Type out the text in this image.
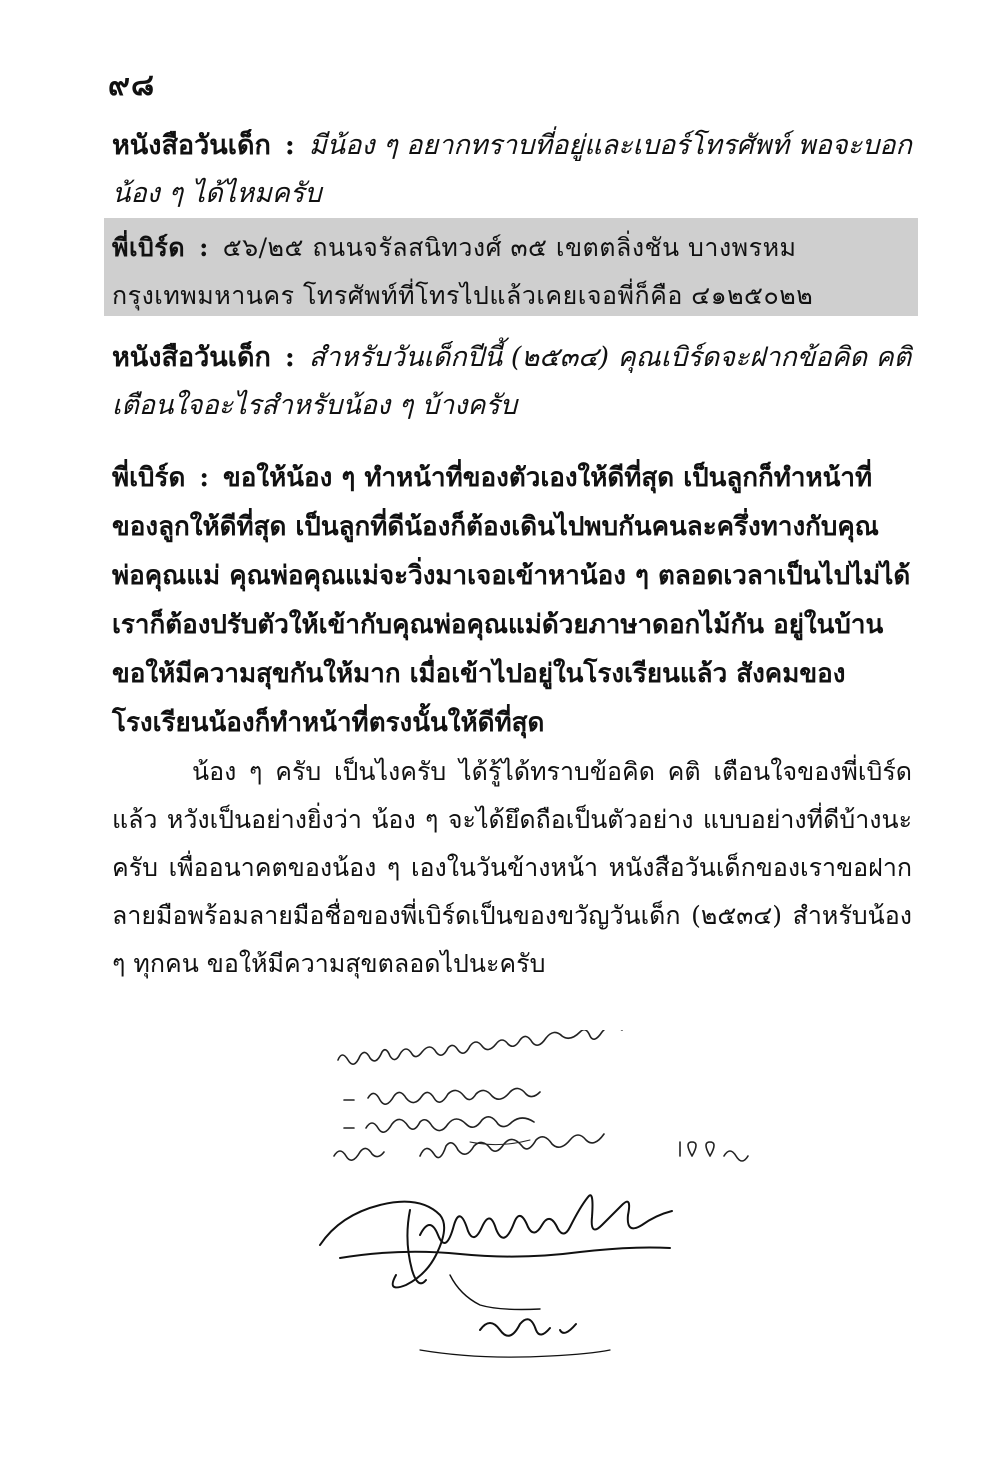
๙๘
หนังสือวันเด็ก : มีน้อง ๆ อยากทราบที่อยู่และเบอร์โทรศัพท์ พอจะบอกน้อง ๆ ได้ไหมครับ
พี่เบิร์ด : ๕๖/๒๕ ถนนจรัลสนิทวงศ์ ๓๕ เขตตลิ่งชัน บางพรหม กรุงเทพมหานคร โทรศัพท์ที่โทรไปแล้วเคยเจอพี่ก็คือ ๔๑๒๕๐๒๒
หนังสือวันเด็ก : สำหรับวันเด็กปีนี้ (๒๕๓๔) คุณเบิร์ดจะฝากข้อคิด คติเตือนใจอะไรสำหรับน้อง ๆ บ้างครับ
พี่เบิร์ด : ขอให้น้อง ๆ ทำหน้าที่ของตัวเองให้ดีที่สุด เป็นลูกก็ทำหน้าที่ของลูกให้ดีที่สุด เป็นลูกที่ดีน้องก็ต้องเดินไปพบกันคนละครึ่งทางกับคุณพ่อคุณแม่ คุณพ่อคุณแม่จะวิ่งมาเจอเข้าหาน้อง ๆ ตลอดเวลาเป็นไปไม่ได้ เราก็ต้องปรับตัวให้เข้ากับคุณพ่อคุณแม่ด้วยภาษาดอกไม้กัน อยู่ในบ้านขอให้มีความสุขกันให้มาก เมื่อเข้าไปอยู่ในโรงเรียนแล้ว สังคมของโรงเรียนน้องก็ทำหน้าที่ตรงนั้นให้ดีที่สุด
น้อง ๆ ครับ เป็นไงครับ ได้รู้ได้ทราบข้อคิด คติ เตือนใจของพี่เบิร์ดแล้ว หวังเป็นอย่างยิ่งว่า น้อง ๆ จะได้ยึดถือเป็นตัวอย่าง แบบอย่างที่ดีบ้างนะครับ เพื่ออนาคตของน้อง ๆ เองในวันข้างหน้า หนังสือวันเด็กของเราขอฝากลายมือพร้อมลายมือชื่อของพี่เบิร์ดเป็นของขวัญวันเด็ก (๒๕๓๔) สำหรับน้อง ๆ ทุกคน ขอให้มีความสุขตลอดไปนะครับ
